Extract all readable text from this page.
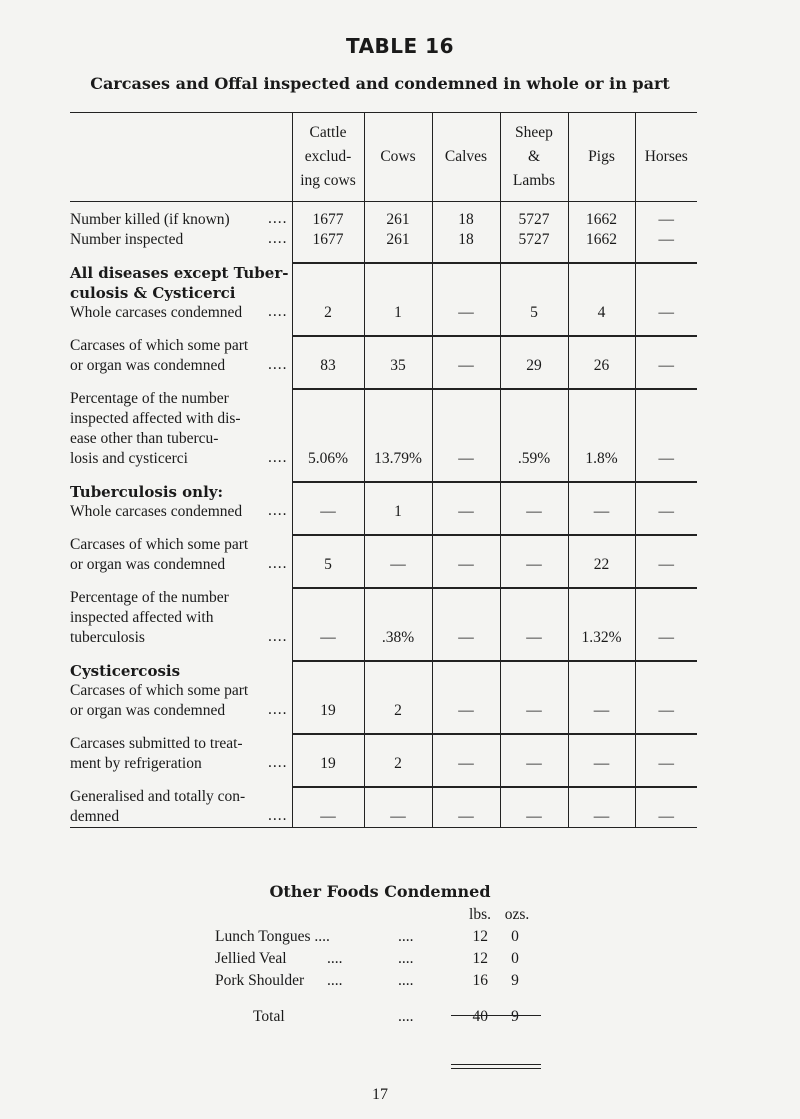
TABLE 16
Carcases and Offal inspected and condemned in whole or in part
	Cattle
exclud-
ing cows	Cows	Calves	Sheep
&
Lambs	Pigs	Horses

Number killed (if known) ....	1677	261	18	5727	1662	—
Number inspected ....	1677	261	18	5727	1662	—

All diseases except Tuber-
culosis & Cysticerci
Whole carcases condemned ....	2	1	—	5	4	—

Carcases of which some part
or organ was condemned ....	83	35	—	29	26	—

Percentage of the number
inspected affected with dis-
ease other than tubercu-
losis and cysticerci ....	5.06%	13.79%	—	.59%	1.8%	—

Tuberculosis only:
Whole carcases condemned ....	—	1	—	—	—	—

Carcases of which some part
or organ was condemned ....	5	—	—	—	22	—

Percentage of the number
inspected affected with
tuberculosis ....	—	.38%	—	—	1.32%	—

Cysticercosis
Carcases of which some part
or organ was condemned ....	19	2	—	—	—	—

Carcases submitted to treat-
ment by refrigeration ....	19	2	—	—	—	—

Generalised and totally con-
demned ....	—	—	—	—	—	—
Other Foods Condemned
lbs. ozs.
Lunch Tongues ....	....	12	0
Jellied Veal	....	....	12	0
Pork Shoulder ....	....	16	9
Total	....	40	9
17
